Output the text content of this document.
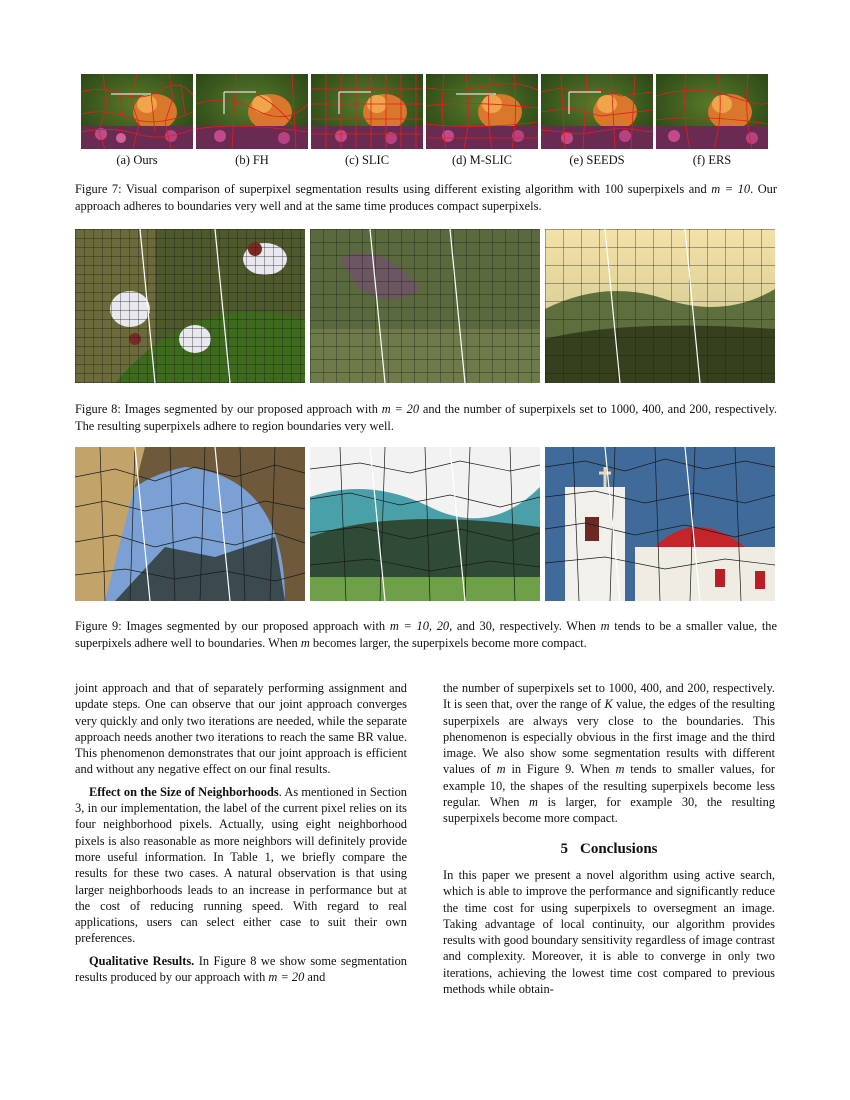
(a) Ours	(b) FH	(c) SLIC	(d) M-SLIC	(e) SEEDS	(f) ERS
Figure 7: Visual comparison of superpixel segmentation results using different existing algorithm with 100 superpixels and m = 10. Our approach adheres to boundaries very well and at the same time produces compact superpixels.
Figure 8: Images segmented by our proposed approach with m = 20 and the number of superpixels set to 1000, 400, and 200, respectively. The resulting superpixels adhere to region boundaries very well.
Figure 9: Images segmented by our proposed approach with m = 10, 20, and 30, respectively. When m tends to be a smaller value, the superpixels adhere well to boundaries. When m becomes larger, the superpixels become more compact.

joint approach and that of separately performing assignment and update steps. One can observe that our joint approach converges very quickly and only two iterations are needed, while the separate approach needs another two iterations to reach the same BR value. This phenomenon demonstrates that our joint approach is efficient and without any negative effect on our final results.

Effect on the Size of Neighborhoods. As mentioned in Section 3, in our implementation, the label of the current pixel relies on its four neighborhood pixels. Actually, using eight neighborhood pixels is also reasonable as more neighbors will definitely provide more useful information. In Table 1, we briefly compare the results for these two cases. A natural observation is that using larger neighborhoods leads to an increase in performance but at the cost of reducing running speed. With regard to real applications, users can select either case to suit their own preferences.

Qualitative Results. In Figure 8 we show some segmentation results produced by our approach with m = 20 and

the number of superpixels set to 1000, 400, and 200, respectively. It is seen that, over the range of K value, the edges of the resulting superpixels are always very close to the boundaries. This phenomenon is especially obvious in the first image and the third image. We also show some segmentation results with different values of m in Figure 9. When m tends to smaller values, for example 10, the shapes of the resulting superpixels become less regular. When m is larger, for example 30, the resulting superpixels become more compact.

5 Conclusions

In this paper we present a novel algorithm using active search, which is able to improve the performance and significantly reduce the time cost for using superpixels to oversegment an image. Taking advantage of local continuity, our algorithm provides results with good boundary sensitivity regardless of image contrast and complexity. Moreover, it is able to converge in only two iterations, achieving the lowest time cost compared to previous methods while obtain-
